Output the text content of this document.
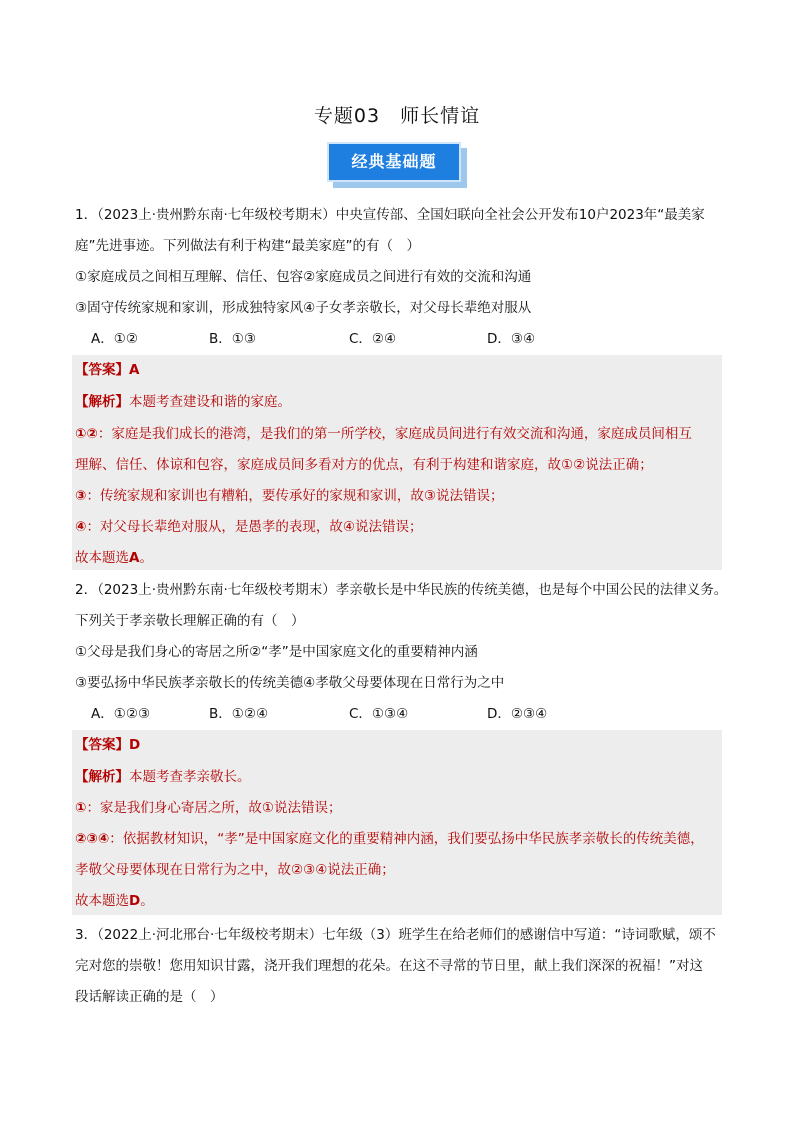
专题03　师长情谊
经典基础题
1．（2023上·贵州黔东南·七年级校考期末）中央宣传部、全国妇联向全社会公开发布10户2023年“最美家
庭”先进事迹。下列做法有利于构建“最美家庭”的有（　）
①家庭成员之间相互理解、信任、包容②家庭成员之间进行有效的交流和沟通
③固守传统家规和家训，形成独特家风④子女孝亲敬长，对父母长辈绝对服从
A．①②	B．①③	C．②④	D．③④
【答案】A
【解析】本题考查建设和谐的家庭。
①②：家庭是我们成长的港湾，是我们的第一所学校，家庭成员间进行有效交流和沟通，家庭成员间相互
理解、信任、体谅和包容，家庭成员间多看对方的优点，有利于构建和谐家庭，故①②说法正确；
③：传统家规和家训也有糟粕，要传承好的家规和家训，故③说法错误；
④：对父母长辈绝对服从，是愚孝的表现，故④说法错误；
故本题选A。
2．（2023上·贵州黔东南·七年级校考期末）孝亲敬长是中华民族的传统美德，也是每个中国公民的法律义务。
下列关于孝亲敬长理解正确的有（　）
①父母是我们身心的寄居之所②“孝”是中国家庭文化的重要精神内涵
③要弘扬中华民族孝亲敬长的传统美德④孝敬父母要体现在日常行为之中
A．①②③	B．①②④	C．①③④	D．②③④
【答案】D
【解析】本题考查孝亲敬长。
①：家是我们身心寄居之所，故①说法错误；
②③④：依据教材知识，“孝”是中国家庭文化的重要精神内涵，我们要弘扬中华民族孝亲敬长的传统美德，
孝敬父母要体现在日常行为之中，故②③④说法正确；
故本题选D。
3．（2022上·河北邢台·七年级校考期末）七年级（3）班学生在给老师们的感谢信中写道：“诗词歌赋，颂不
完对您的崇敬！您用知识甘露，浇开我们理想的花朵。在这不寻常的节日里，献上我们深深的祝福！”对这
段话解读正确的是（　）
